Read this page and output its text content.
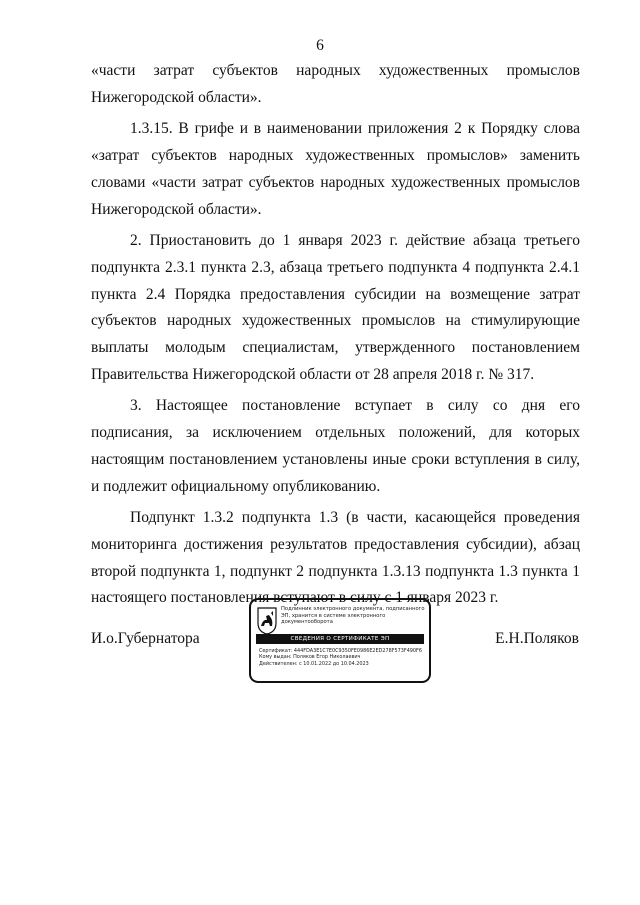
6

«части затрат субъектов народных художественных промыслов Нижегородской области».

1.3.15. В грифе и в наименовании приложения 2 к Порядку слова «затрат субъектов народных художественных промыслов» заменить словами «части затрат субъектов народных художественных промыслов Нижегородской области».

2. Приостановить до 1 января 2023 г. действие абзаца третьего подпункта 2.3.1 пункта 2.3, абзаца третьего подпункта 4 подпункта 2.4.1 пункта 2.4 Порядка предоставления субсидии на возмещение затрат субъектов народных художественных промыслов на стимулирующие выплаты молодым специалистам, утвержденного постановлением Правительства Нижегородской области от 28 апреля 2018 г. № 317.

3. Настоящее постановление вступает в силу со дня его подписания, за исключением отдельных положений, для которых настоящим постановлением установлены иные сроки вступления в силу, и подлежит официальному опубликованию.

Подпункт 1.3.2 подпункта 1.3 (в части, касающейся проведения мониторинга достижения результатов предоставления субсидии), абзац второй подпункта 1, подпункт 2 подпункта 1.3.13 подпункта 1.3 пункта 1 настоящего постановления вступают в силу с 1 января 2023 г.

И.о.Губернатора	Е.Н.Поляков
Подлинник электронного документа, подписанного ЭП, хранится в системе электронного документооборота
СВЕДЕНИЯ О СЕРТИФИКАТЕ ЭП
Сертификат: 444FDA3E1C7E0C9350FE0986E2ED278F573F490F6
Кому выдан: Поляков Егор Николаевич
Действителен: с 10.01.2022 до 10.04.2023
